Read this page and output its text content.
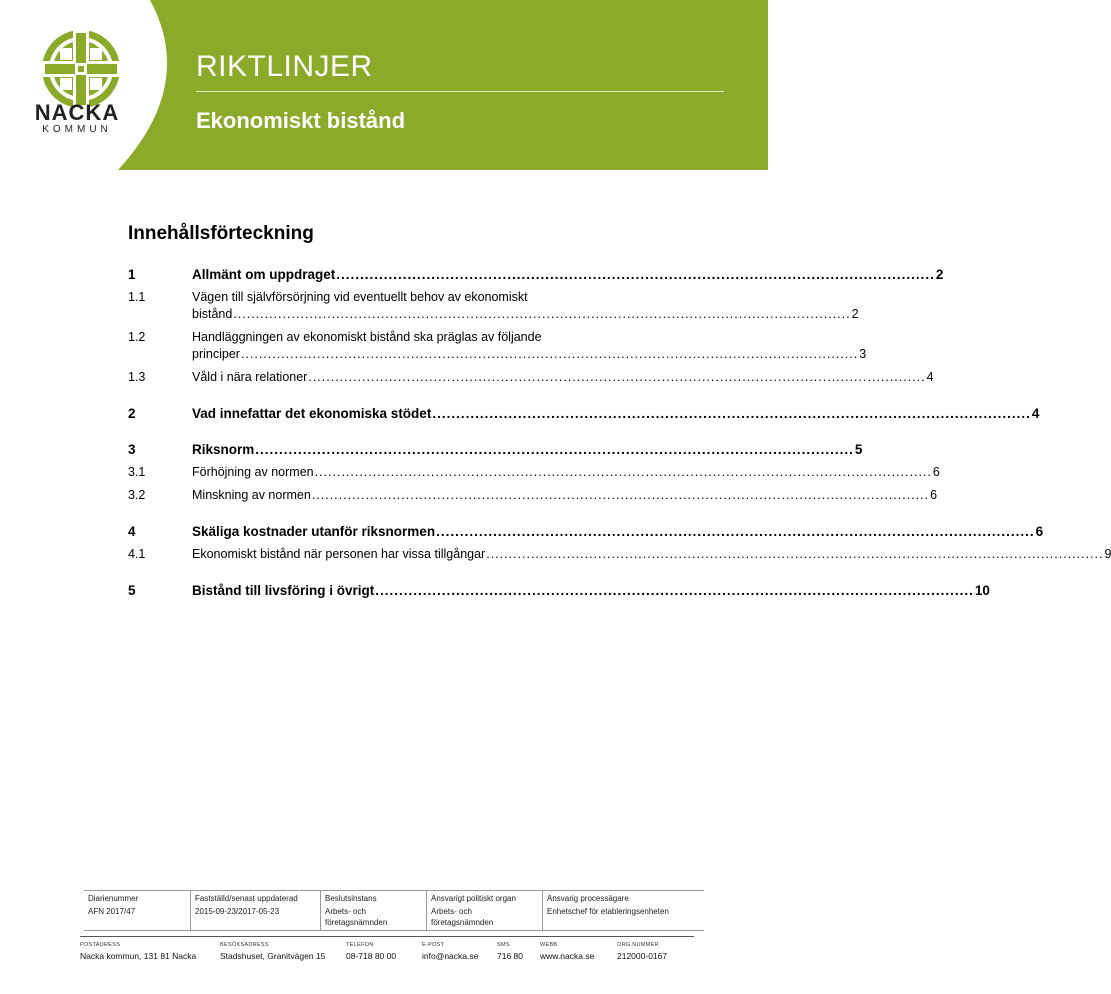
NACKA
KOMMUN
RIKTLINJER
Ekonomiskt bistånd
Innehållsförteckning
1	Allmänt om uppdraget .............................................................................................................................. 2
1.1	Vägen till självförsörjning vid eventuellt behov av ekonomiskt
bistånd .......................................................................................................................................... 2
1.2	Handläggningen av ekonomiskt bistånd ska präglas av följande
principer .......................................................................................................................................... 3
1.3	Våld i nära relationer .......................................................................................................................................... 4
2	Vad innefattar det ekonomiska stödet .............................................................................................................................. 4
3	Riksnorm .............................................................................................................................. 5
3.1	Förhöjning av normen .......................................................................................................................................... 6
3.2	Minskning av normen .......................................................................................................................................... 6
4	Skäliga kostnader utanför riksnormen .............................................................................................................................. 6
4.1	Ekonomiskt bistånd när personen har vissa tillgångar .......................................................................................................................................... 9
5	Bistånd till livsföring i övrigt .............................................................................................................................. 10
Diarienummer
AFN 2017/47
Fastställd/senast uppdaterad
2015-09-23/2017-05-23
Beslutsinstans
Arbets- och
företagsnämnden
Ansvarigt politiskt organ
Arbets- och
företagsnämnden
Ansvarig processägare
Enhetschef för etableringsenheten
POSTADRESS
Nacka kommun, 131 81 Nacka
BESÖKSADRESS
Stadshuset, Granitvägen 15
TELEFON
08-718 80 00
E-POST
info@nacka.se
SMS
716 80
WEBB
www.nacka.se
ORG.NUMMER
212000-0167
